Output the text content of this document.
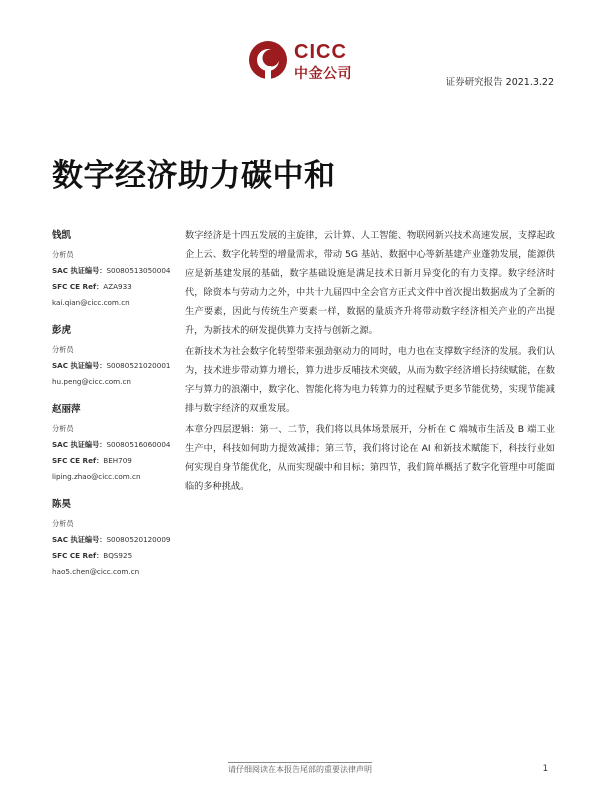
CICC
中金公司
证券研究报告 2021.3.22
数字经济助力碳中和
钱凯
分析员
SAC 执证编号：S0080513050004
SFC CE Ref：AZA933
kai.qian@cicc.com.cn
彭虎
分析员
SAC 执证编号：S0080521020001
hu.peng@cicc.com.cn
赵丽萍
分析员
SAC 执证编号：S0080516060004
SFC CE Ref：BEH709
liping.zhao@cicc.com.cn
陈昊
分析员
SAC 执证编号：S0080520120009
SFC CE Ref：BQS925
hao5.chen@cicc.com.cn

数字经济是十四五发展的主旋律，云计算、人工智能、物联网新兴技术高速发展，支撑起政企上云、数字化转型的增量需求，带动 5G 基站、数据中心等新基建产业蓬勃发展，能源供应是新基建发展的基础，数字基础设施是满足技术日新月异变化的有力支撑。数字经济时代，除资本与劳动力之外，中共十九届四中全会官方正式文件中首次提出数据成为了全新的生产要素，因此与传统生产要素一样，数据的量质齐升将带动数字经济相关产业的产出提升，为新技术的研发提供算力支持与创新之源。

在新技术为社会数字化转型带来强劲驱动力的同时，电力也在支撑数字经济的发展。我们认为，技术进步带动算力增长，算力进步反哺技术突破，从而为数字经济增长持续赋能，在数字与算力的浪潮中，数字化、智能化将为电力转算力的过程赋予更多节能优势，实现节能减排与数字经济的双重发展。

本章分四层逻辑：第一、二节，我们将以具体场景展开，分析在 C 端城市生活及 B 端工业生产中，科技如何助力提效减排；第三节，我们将讨论在 AI 和新技术赋能下，科技行业如何实现自身节能优化，从而实现碳中和目标；第四节，我们简单概括了数字化管理中可能面临的多种挑战。

请仔细阅读在本报告尾部的重要法律声明	1
